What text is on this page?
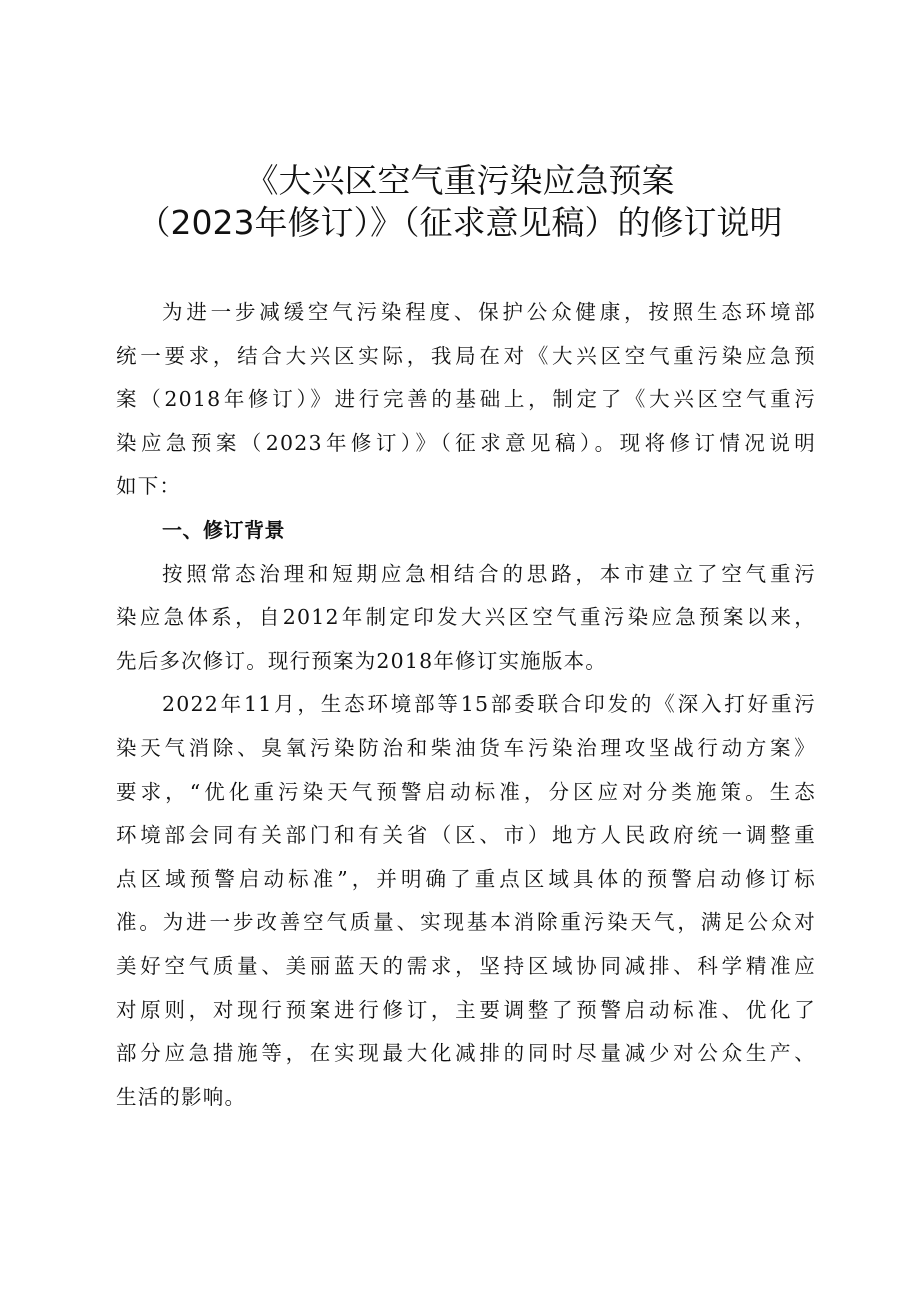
《大兴区空气重污染应急预案
（2023年修订）》（征求意见稿）的修订说明
为进一步减缓空气污染程度、保护公众健康，按照生态环境部
统一要求，结合大兴区实际，我局在对《大兴区空气重污染应急预
案（2018年修订）》进行完善的基础上，制定了《大兴区空气重污
染应急预案（2023年修订）》（征求意见稿）。现将修订情况说明
如下：
一、修订背景
按照常态治理和短期应急相结合的思路，本市建立了空气重污
染应急体系，自2012年制定印发大兴区空气重污染应急预案以来，
先后多次修订。现行预案为2018年修订实施版本。
2022年11月，生态环境部等15部委联合印发的《深入打好重污
染天气消除、臭氧污染防治和柴油货车污染治理攻坚战行动方案》
要求，“优化重污染天气预警启动标准，分区应对分类施策。生态
环境部会同有关部门和有关省（区、市）地方人民政府统一调整重
点区域预警启动标准”，并明确了重点区域具体的预警启动修订标
准。为进一步改善空气质量、实现基本消除重污染天气，满足公众对
美好空气质量、美丽蓝天的需求，坚持区域协同减排、科学精准应
对原则，对现行预案进行修订，主要调整了预警启动标准、优化了
部分应急措施等，在实现最大化减排的同时尽量减少对公众生产、
生活的影响。
